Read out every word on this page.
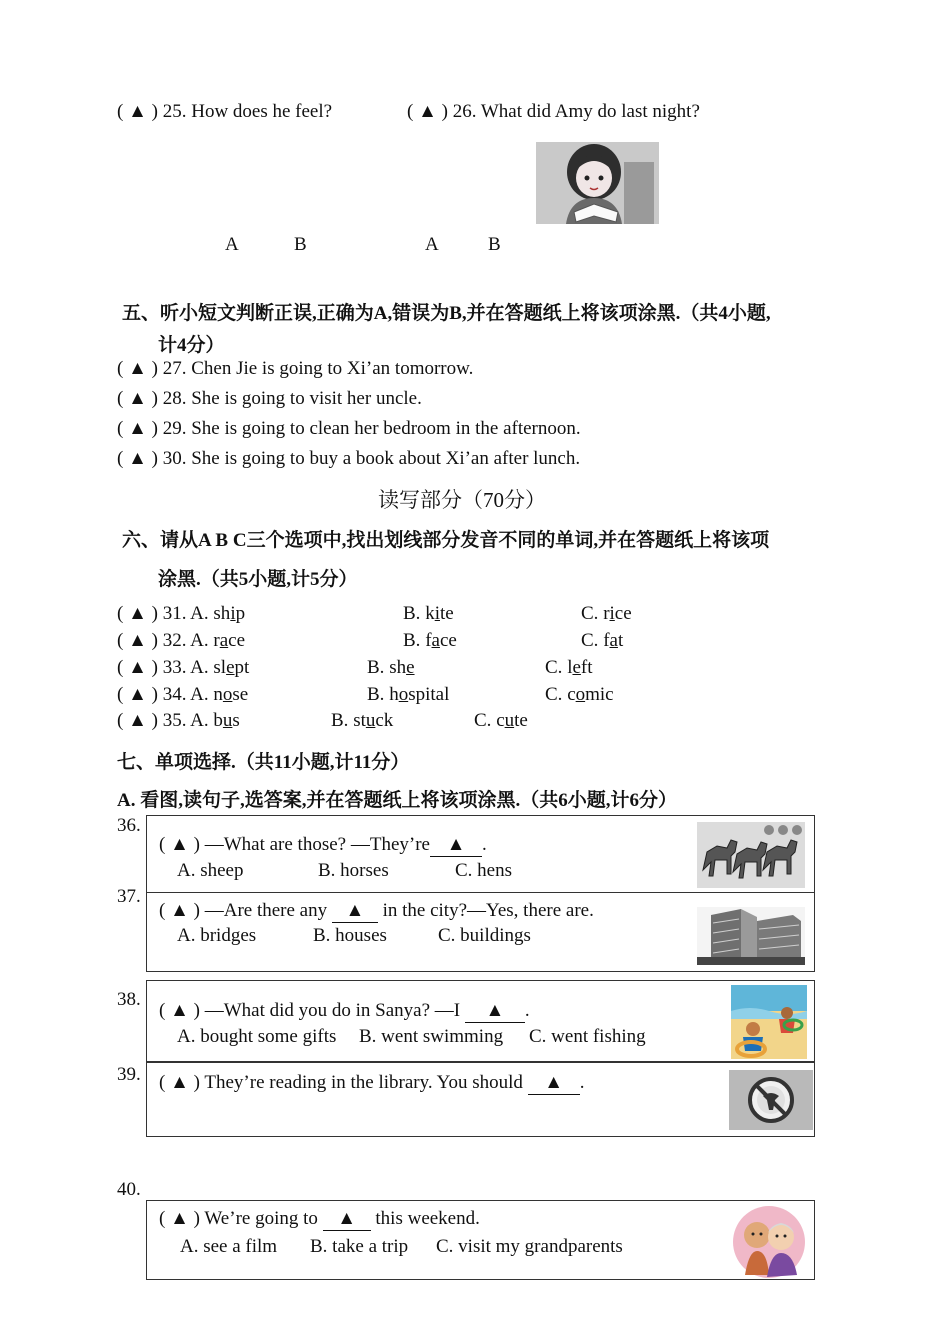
( ▲ ) 25. How does he feel?	( ▲ ) 26. What did Amy do last night?
A	B	A	B
五、听小短文判断正误,正确为A,错误为B,并在答题纸上将该项涂黑.（共4小题,
计4分）
( ▲ ) 27. Chen Jie is going to Xi’an tomorrow.
( ▲ ) 28. She is going to visit her uncle.
( ▲ ) 29. She is going to clean her bedroom in the afternoon.
( ▲ ) 30. She is going to buy a book about Xi’an after lunch.
读写部分（70分）
六、请从A B C三个选项中,找出划线部分发音不同的单词,并在答题纸上将该项
涂黑.（共5小题,计5分）
( ▲ ) 31. A. ship	B. kite	C. rice
( ▲ ) 32. A. race	B. face	C. fat
( ▲ ) 33. A. slept	B. she	C. left
( ▲ ) 34. A. nose	B. hospital	C. comic
( ▲ ) 35. A. bus	B. stuck	C. cute
七、单项选择.（共11小题,计11分）
A. 看图,读句子,选答案,并在答题纸上将该项涂黑.（共6小题,计6分）
36.
( ▲ ) —What are those? —They’re ▲ .
A. sheep	B. horses	C. hens
37.
( ▲ ) —Are there any ▲ in the city?—Yes, there are.
A. bridges	B. houses	C. buildings
38.
( ▲ ) —What did you do in Sanya? —I ▲ .
A. bought some gifts B. went swimming C. went fishing
39. ( ▲ ) They’re reading in the library. You should ▲ .
40.
( ▲ ) We’re going to ▲ this weekend.
A. see a film B. take a trip C. visit my grandparents
